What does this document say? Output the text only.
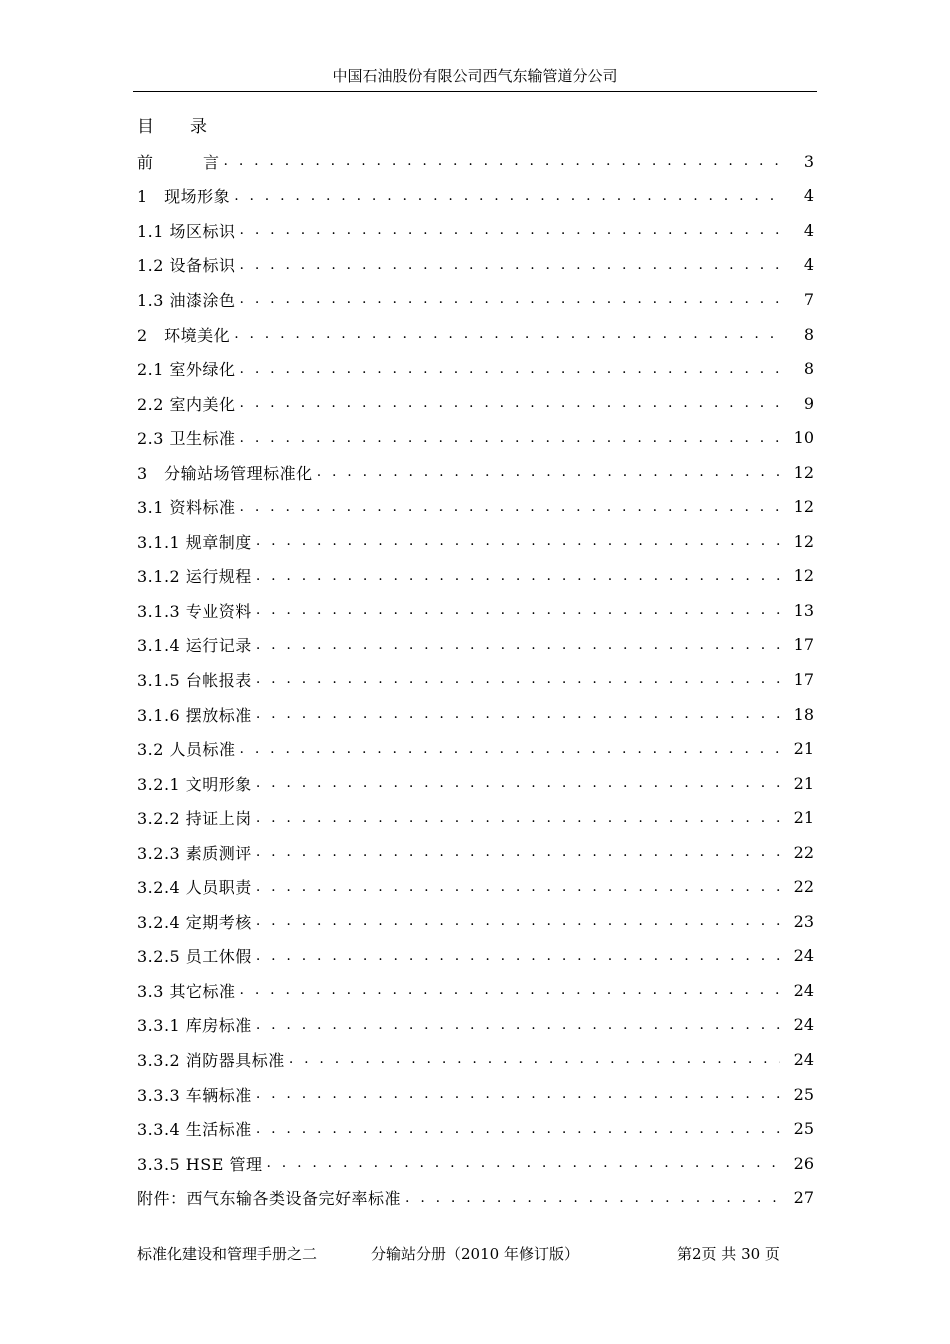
中国石油股份有限公司西气东输管道分公司
目 录
前　　　言 . . .	3
1　现场形象 . . .	4
1.1 场区标识 . . .	4
1.2 设备标识 . . .	4
1.3 油漆涂色 . . .	7
2　环境美化 . . .	8
2.1 室外绿化 . . .	8
2.2 室内美化 . . .	9
2.3 卫生标准 . . .	10
3　分输站场管理标准化 . . .	12
3.1 资料标准 . . .	12
3.1.1 规章制度 . . .	12
3.1.2 运行规程 . . .	12
3.1.3 专业资料 . . .	13
3.1.4 运行记录 . . .	17
3.1.5 台帐报表 . . .	17
3.1.6 摆放标准 . . .	18
3.2 人员标准 . . .	21
3.2.1 文明形象 . . .	21
3.2.2 持证上岗 . . .	21
3.2.3 素质测评 . . .	22
3.2.4 人员职责 . . .	22
3.2.4 定期考核 . . .	23
3.2.5 员工休假 . . .	24
3.3 其它标准 . . .	24
3.3.1 库房标准 . . .	24
3.3.2 消防器具标准 . . .	24
3.3.3 车辆标准 . . .	25
3.3.4 生活标准 . . .	25
3.3.5 HSE 管理 . . .	26
附件：西气东输各类设备完好率标准 . . .	27
标准化建设和管理手册之二	分输站分册（2010 年修订版）	第2页 共 30 页
